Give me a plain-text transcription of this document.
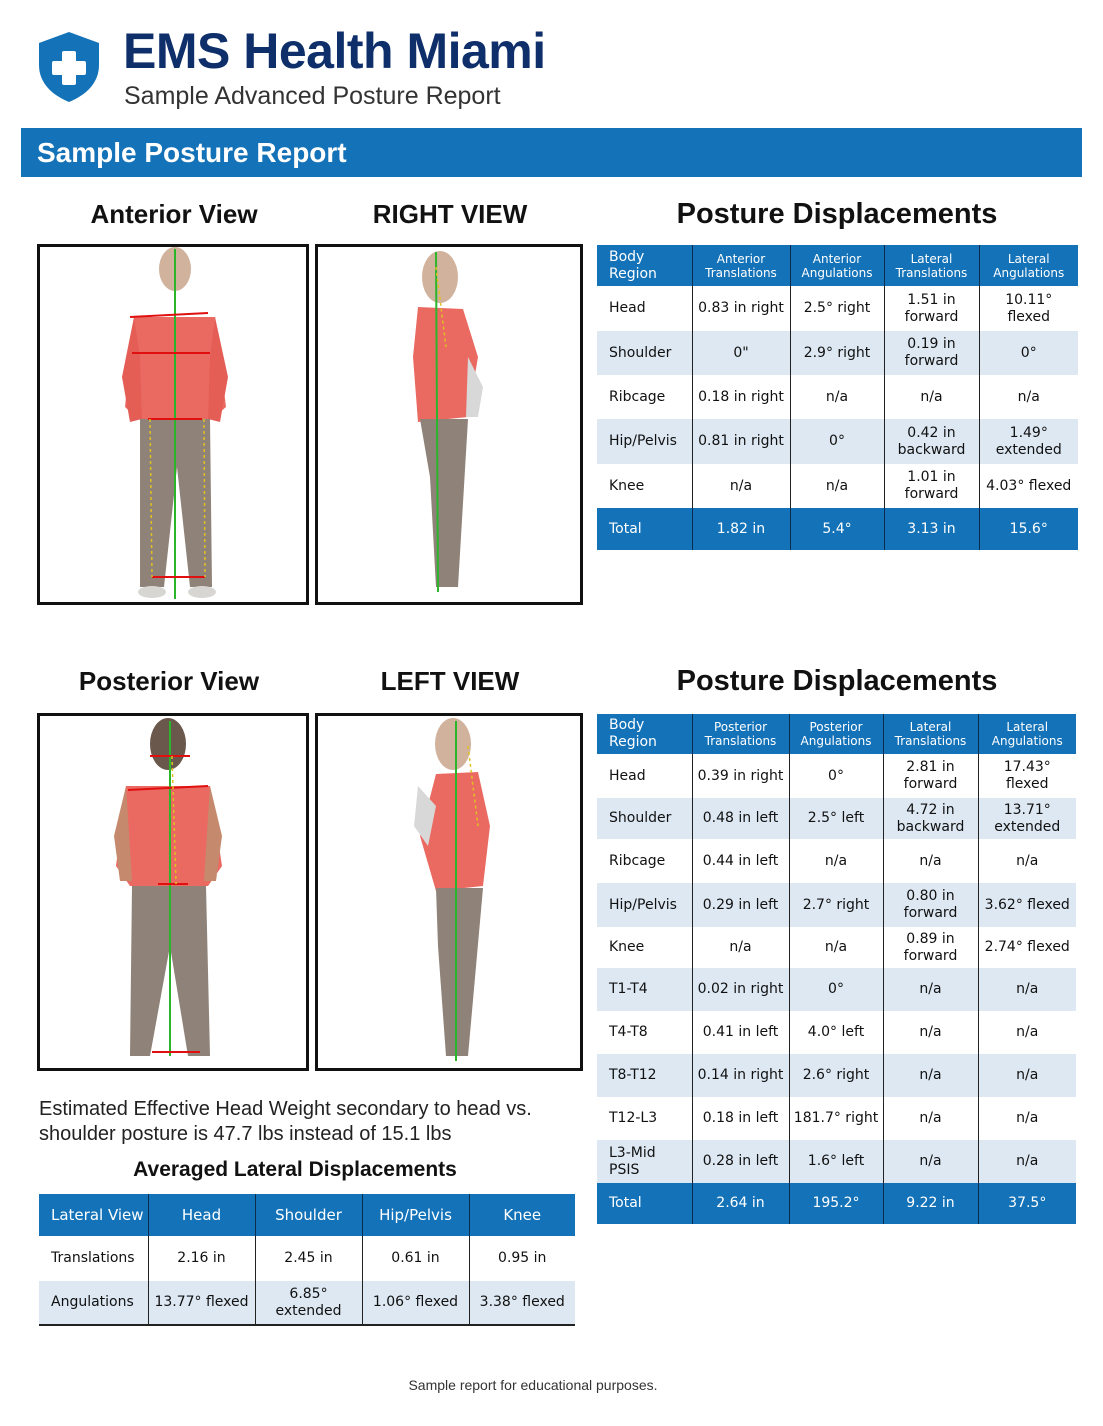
EMS Health Miami
Sample Advanced Posture Report
Sample Posture Report
Anterior View	RIGHT VIEW	Posture Displacements
Body Region	Anterior Translations	Anterior Angulations	Lateral Translations	Lateral Angulations
Head	0.83 in right	2.5° right	1.51 in forward	10.11° flexed
Shoulder	0"	2.9° right	0.19 in forward	0°
Ribcage	0.18 in right	n/a	n/a	n/a
Hip/Pelvis	0.81 in right	0°	0.42 in backward	1.49° extended
Knee	n/a	n/a	1.01 in forward	4.03° flexed
Total	1.82 in	5.4°	3.13 in	15.6°
Posterior View	LEFT VIEW	Posture Displacements
Body Region	Posterior Translations	Posterior Angulations	Lateral Translations	Lateral Angulations
Head	0.39 in right	0°	2.81 in forward	17.43° flexed
Shoulder	0.48 in left	2.5° left	4.72 in backward	13.71° extended
Ribcage	0.44 in left	n/a	n/a	n/a
Hip/Pelvis	0.29 in left	2.7° right	0.80 in forward	3.62° flexed
Knee	n/a	n/a	0.89 in forward	2.74° flexed
T1-T4	0.02 in right	0°	n/a	n/a
T4-T8	0.41 in left	4.0° left	n/a	n/a
T8-T12	0.14 in right	2.6° right	n/a	n/a
T12-L3	0.18 in left	181.7° right	n/a	n/a
L3-Mid PSIS	0.28 in left	1.6° left	n/a	n/a
Total	2.64 in	195.2°	9.22 in	37.5°
Estimated Effective Head Weight secondary to head vs. shoulder posture is 47.7 lbs instead of 15.1 lbs
Averaged Lateral Displacements
Lateral View	Head	Shoulder	Hip/Pelvis	Knee
Translations	2.16 in	2.45 in	0.61 in	0.95 in
Angulations	13.77° flexed	6.85° extended	1.06° flexed	3.38° flexed
Sample report for educational purposes.
